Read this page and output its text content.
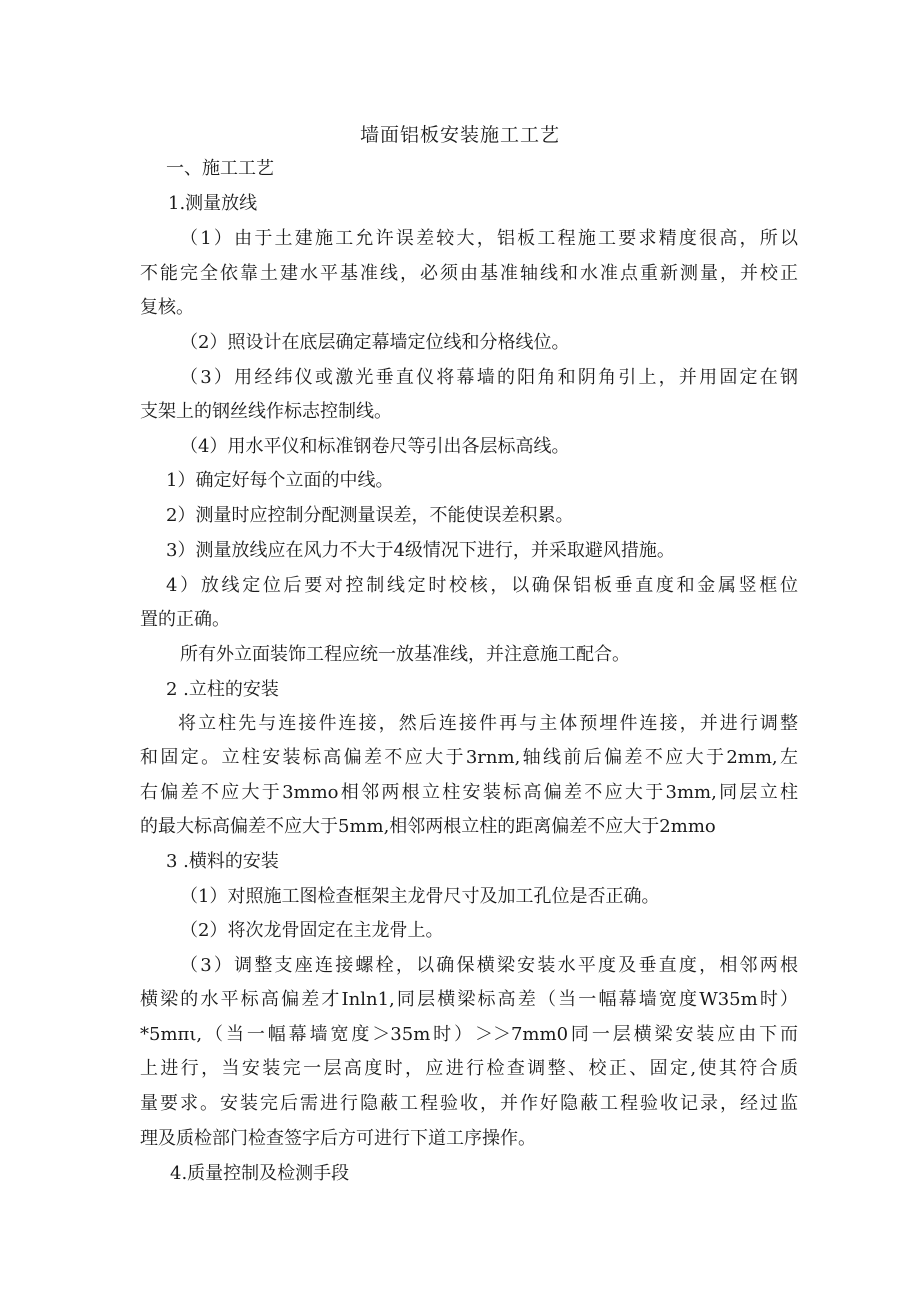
墙面铝板安装施工工艺
一、施工工艺
1.测量放线
（1）由于土建施工允许误差较大，铝板工程施工要求精度很高，所以
不能完全依靠土建水平基准线，必须由基准轴线和水准点重新测量，并校正
复核。
（2）照设计在底层确定幕墙定位线和分格线位。
（3）用经纬仪或激光垂直仪将幕墙的阳角和阴角引上，并用固定在钢
支架上的钢丝线作标志控制线。
（4）用水平仪和标准钢卷尺等引出各层标高线。
1）确定好每个立面的中线。
2）测量时应控制分配测量误差，不能使误差积累。
3）测量放线应在风力不大于4级情况下进行，并采取避风措施。
4）放线定位后要对控制线定时校核，以确保铝板垂直度和金属竖框位
置的正确。
所有外立面装饰工程应统一放基准线，并注意施工配合。
2 .立柱的安装
将立柱先与连接件连接，然后连接件再与主体预埋件连接，并进行调整
和固定。立柱安装标高偏差不应大于3rnm,轴线前后偏差不应大于2mm,左
右偏差不应大于3mmo相邻两根立柱安装标高偏差不应大于3mm,同层立柱
的最大标高偏差不应大于5mm,相邻两根立柱的距离偏差不应大于2mmo
3 .横料的安装
（1）对照施工图检查框架主龙骨尺寸及加工孔位是否正确。
（2）将次龙骨固定在主龙骨上。
（3）调整支座连接螺栓，以确保横梁安装水平度及垂直度，相邻两根
横梁的水平标高偏差才Inln1,同层横梁标高差（当一幅幕墙宽度W35m时）
*5mπι,（当一幅幕墙宽度＞35m时）＞＞7mm0同一层横梁安装应由下而
上进行，当安装完一层高度时，应进行检查调整、校正、固定,使其符合质
量要求。安装完后需进行隐蔽工程验收，并作好隐蔽工程验收记录，经过监
理及质检部门检查签字后方可进行下道工序操作。
4.质量控制及检测手段
